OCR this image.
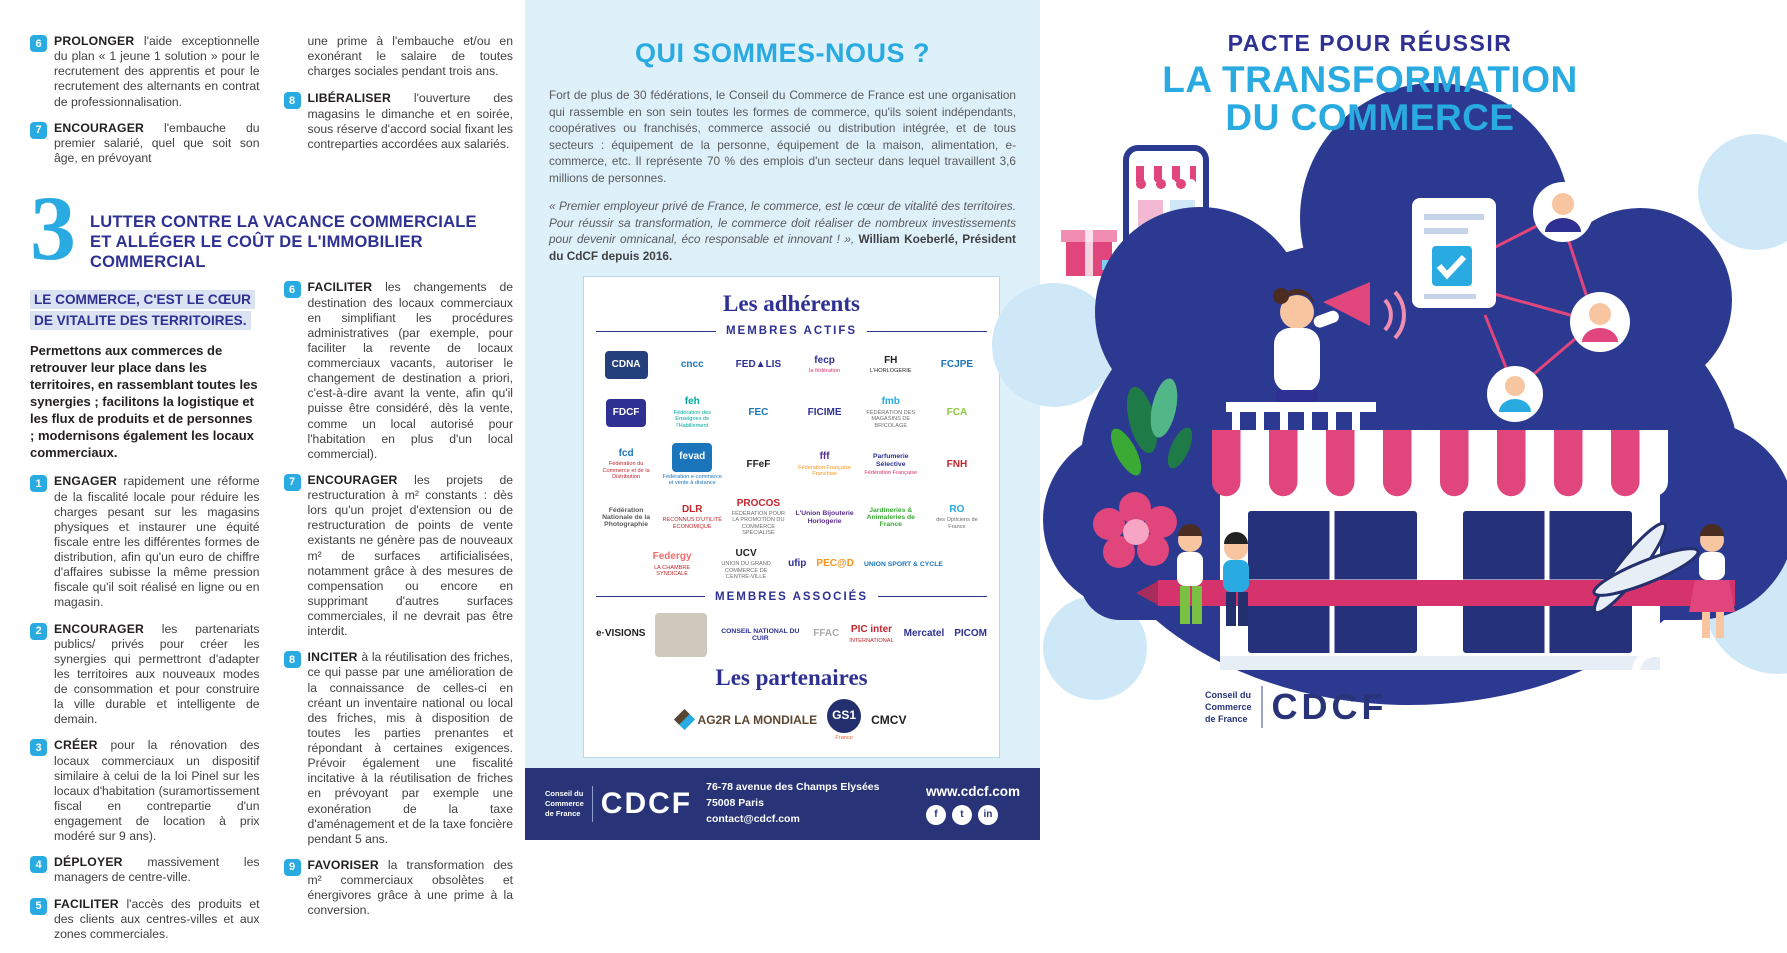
6	PROLONGER l'aide exceptionnelle du plan « 1 jeune 1 solution » pour le recrutement des apprentis et pour le recrutement des alternants en contrat de professionnalisation.

7	ENCOURAGER l'embauche du premier salarié, quel que soit son âge, en prévoyant

une prime à l'embauche et/ou en exonérant le salaire de toutes charges sociales pendant trois ans.

8	LIBÉRALISER l'ouverture des magasins le dimanche et en soirée, sous réserve d'accord social fixant les contreparties accordées aux salariés.

3 LUTTER CONTRE LA VACANCE COMMERCIALE
ET ALLÉGER LE COÛT DE L'IMMOBILIER COMMERCIAL
LE COMMERCE, C'EST LE CŒUR DE VITALITE DES TERRITOIRES.

Permettons aux commerces de retrouver leur place dans les territoires, en rassemblant toutes les synergies ; facilitons la logistique et les flux de produits et de personnes ; modernisons également les locaux commerciaux.

1	ENGAGER rapidement une réforme de la fiscalité locale pour réduire les charges pesant sur les magasins physiques et instaurer une équité fiscale entre les différentes formes de distribution, afin qu'un euro de chiffre d'affaires subisse la même pression fiscale qu'il soit réalisé en ligne ou en magasin.

2	ENCOURAGER les partenariats publics/ privés pour créer les synergies qui permettront d'adapter les territoires aux nouveaux modes de consommation et pour construire la ville durable et intelligente de demain.

3	CRÉER pour la rénovation des locaux commerciaux un dispositif similaire à celui de la loi Pinel sur les locaux d'habitation (suramortissement fiscal en contrepartie d'un engagement de location à prix modéré sur 9 ans).

4	DÉPLOYER massivement les managers de centre-ville.

5	FACILITER l'accès des produits et des clients aux centres-villes et aux zones commerciales.

6	FACILITER les changements de destination des locaux commerciaux en simplifiant les procédures administratives (par exemple, pour faciliter la revente de locaux commerciaux vacants, autoriser le changement de destination a priori, c'est-à-dire avant la vente, afin qu'il puisse être considéré, dès la vente, comme un local autorisé pour l'habitation en plus d'un local commercial).

7	ENCOURAGER les projets de restructuration à m² constants : dès lors qu'un projet d'extension ou de restructuration de points de vente existants ne génère pas de nouveaux m² de surfaces artificialisées, notamment grâce à des mesures de compensation ou encore en supprimant d'autres surfaces commerciales, il ne devrait pas être interdit.

8	INCITER à la réutilisation des friches, ce qui passe par une amélioration de la connaissance de celles-ci en créant un inventaire national ou local des friches, mis à disposition de toutes les parties prenantes et répondant à certaines exigences. Prévoir également une fiscalité incitative à la réutilisation de friches en prévoyant par exemple une exonération de la taxe d'aménagement et de la taxe foncière pendant 5 ans.

9	FAVORISER la transformation des m² commerciaux obsolètes et énergivores grâce à une prime à la conversion.

QUI SOMMES-NOUS ?

Fort de plus de 30 fédérations, le Conseil du Commerce de France est une organisation qui rassemble en son sein toutes les formes de commerce, qu'ils soient indépendants, coopératives ou franchisés, commerce associé ou distribution intégrée, et de tous secteurs : équipement de la personne, équipement de la maison, alimentation, e-commerce, etc. Il représente 70 % des emplois d'un secteur dans lequel travaillent 3,6 millions de personnes.

« Premier employeur privé de France, le commerce, est le cœur de vitalité des territoires. Pour réussir sa transformation, le commerce doit réaliser de nombreux investissements pour devenir omnicanal, éco responsable et innovant ! », William Koeberlé, Président du CdCF depuis 2016.

Les adhérents
MEMBRES ACTIFS
CDNA	cncc	FED▲LIS	fecp
la fédération
FH
L'HORLOGERIE
FCJPE
FDCF
feh
Fédération des Enseignes de l'Habillement
FEC	FICIME
fmb
FÉDÉRATION DES MAGASINS DE BRICOLAGE
FCA
fcd
Fédération du Commerce et de la Distribution
fevad
Fédération e-commerce et vente à distance
FFeF
fff
Fédération Française Franchise
Parfumerie Sélective
Fédération Française
FNH
Fédération Nationale de la Photographie
DLR
RECONNUS D'UTILITÉ ÉCONOMIQUE
PROCOS
FÉDÉRATION POUR LA PROMOTION DU COMMERCE SPÉCIALISÉ
L'Union Bijouterie Horlogerie
Jardineries & Animaleries de France
RO
des Opticiens de France
Federgy
LA CHAMBRE SYNDICALE
UCV
UNION DU GRAND COMMERCE DE CENTRE-VILLE
ufip PEC@D UNION SPORT & CYCLE
MEMBRES ASSOCIÉS
e·VISIONS	CONSEIL NATIONAL DU CUIR	FFAC PIC inter
INTERNATIONAL
Mercatel PICOM
Les partenaires
AG2R LA MONDIALE	GS1
France
CMCV
Conseil du
Commerce
de France CDCF 76-78 avenue des Champs Elysées
75008 Paris
contact@cdcf.com
www.cdcf.com
f	t	in
PACTE POUR RÉUSSIR
LA TRANSFORMATION
DU COMMERCE
Conseil du
Commerce
de France CDCF
